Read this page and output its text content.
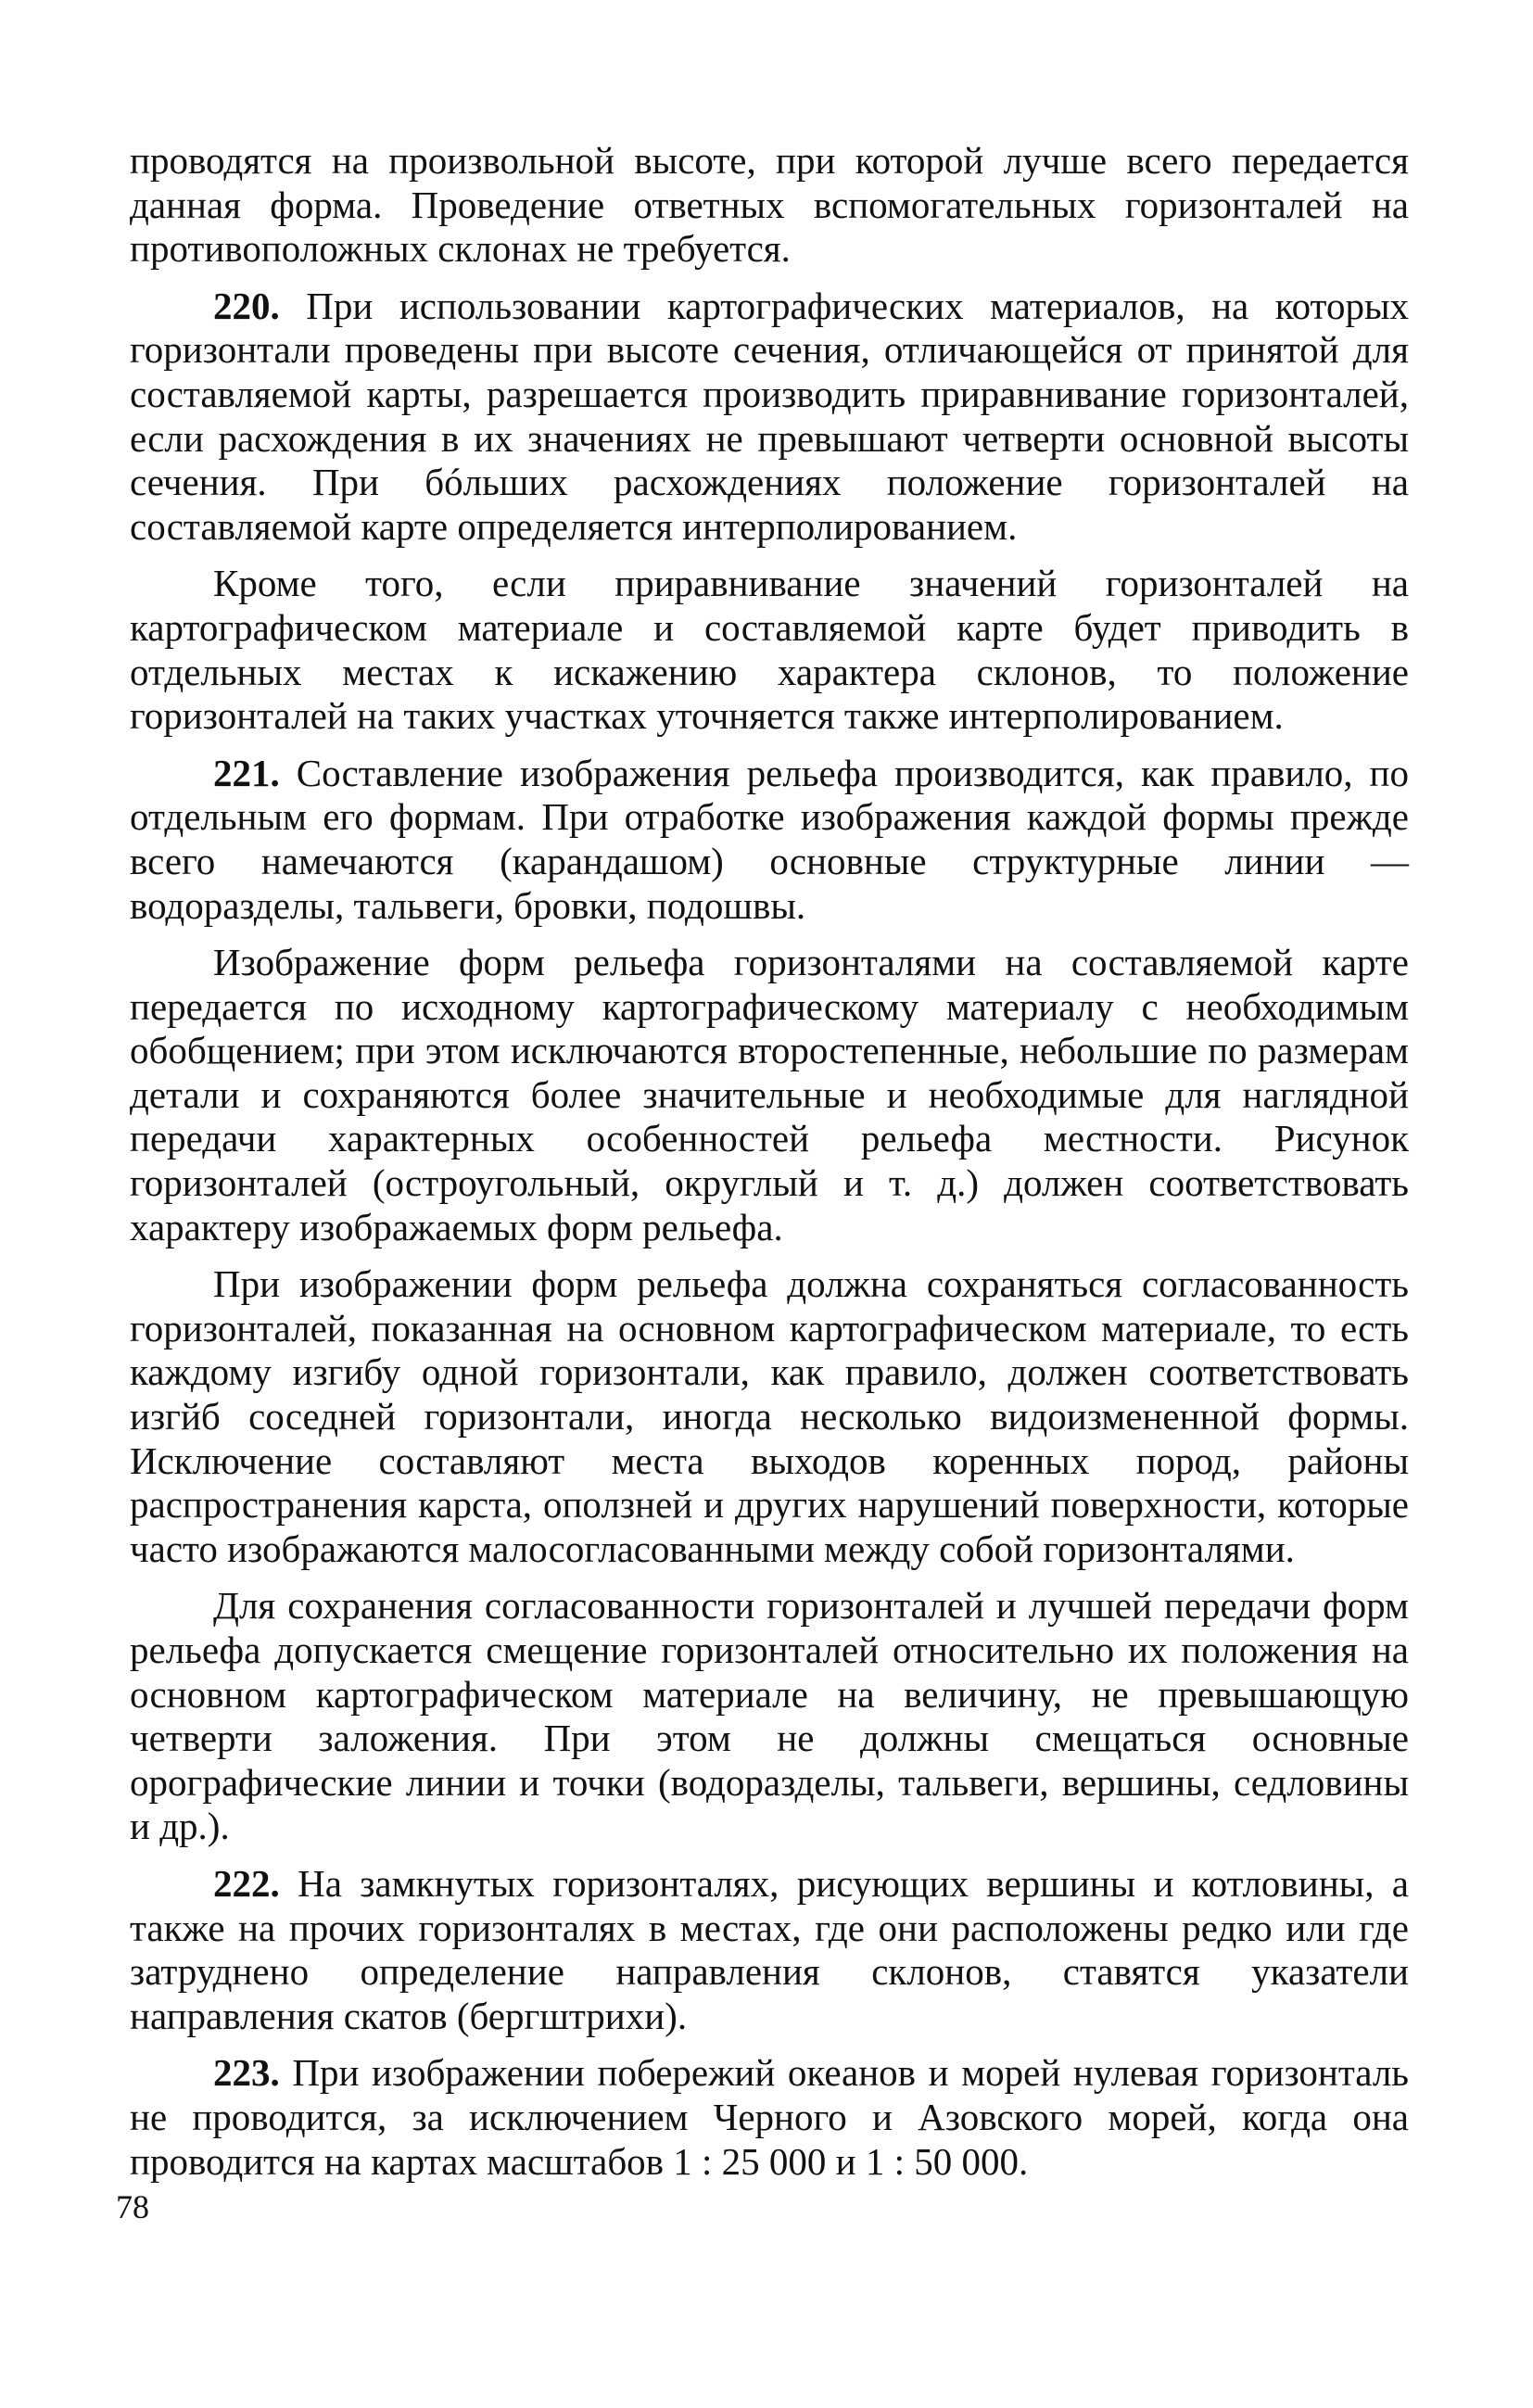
проводятся на произвольной высоте, при которой лучше всего передается данная форма. Проведение ответных вспомогательных горизонталей на противоположных склонах не требуется.

220. При использовании картографических материалов, на которых горизонтали проведены при высоте сечения, отличающейся от принятой для составляемой карты, разрешается производить приравнивание горизонталей, если расхождения в их значениях не превышают четверти основной высоты сечения. При бóльших расхождениях положение горизонталей на составляемой карте определяется интерполированием.

Кроме того, если приравнивание значений горизонталей на картографическом материале и составляемой карте будет приводить в отдельных местах к искажению характера склонов, то положение горизонталей на таких участках уточняется также интерполированием.

221. Составление изображения рельефа производится, как правило, по отдельным его формам. При отработке изображения каждой формы прежде всего намечаются (карандашом) основные структурные линии — водоразделы, тальвеги, бровки, подошвы.

Изображение форм рельефа горизонталями на составляемой карте передается по исходному картографическому материалу с необходимым обобщением; при этом исключаются второстепенные, небольшие по размерам детали и сохраняются более значительные и необходимые для наглядной передачи характерных особенностей рельефа местности. Рисунок горизонталей (остроугольный, округлый и т. д.) должен соответствовать характеру изображаемых форм рельефа.

При изображении форм рельефа должна сохраняться согласованность горизонталей, показанная на основном картографическом материале, то есть каждому изгибу одной горизонтали, как правило, должен соответствовать изгйб соседней горизонтали, иногда несколько видоизмененной формы. Исключение составляют места выходов коренных пород, районы распространения карста, оползней и других нарушений поверхности, которые часто изображаются малосогласованными между собой горизонталями.

Для сохранения согласованности горизонталей и лучшей передачи форм рельефа допускается смещение горизонталей относительно их положения на основном картографическом материале на величину, не превышающую четверти заложения. При этом не должны смещаться основные орографические линии и точки (водоразделы, тальвеги, вершины, седловины и др.).

222. На замкнутых горизонталях, рисующих вершины и котловины, а также на прочих горизонталях в местах, где они расположены редко или где затруднено определение направления склонов, ставятся указатели направления скатов (бергштрихи).

223. При изображении побережий океанов и морей нулевая горизонталь не проводится, за исключением Черного и Азовского морей, когда она проводится на картах масштабов 1 : 25 000 и 1 : 50 000.

78
